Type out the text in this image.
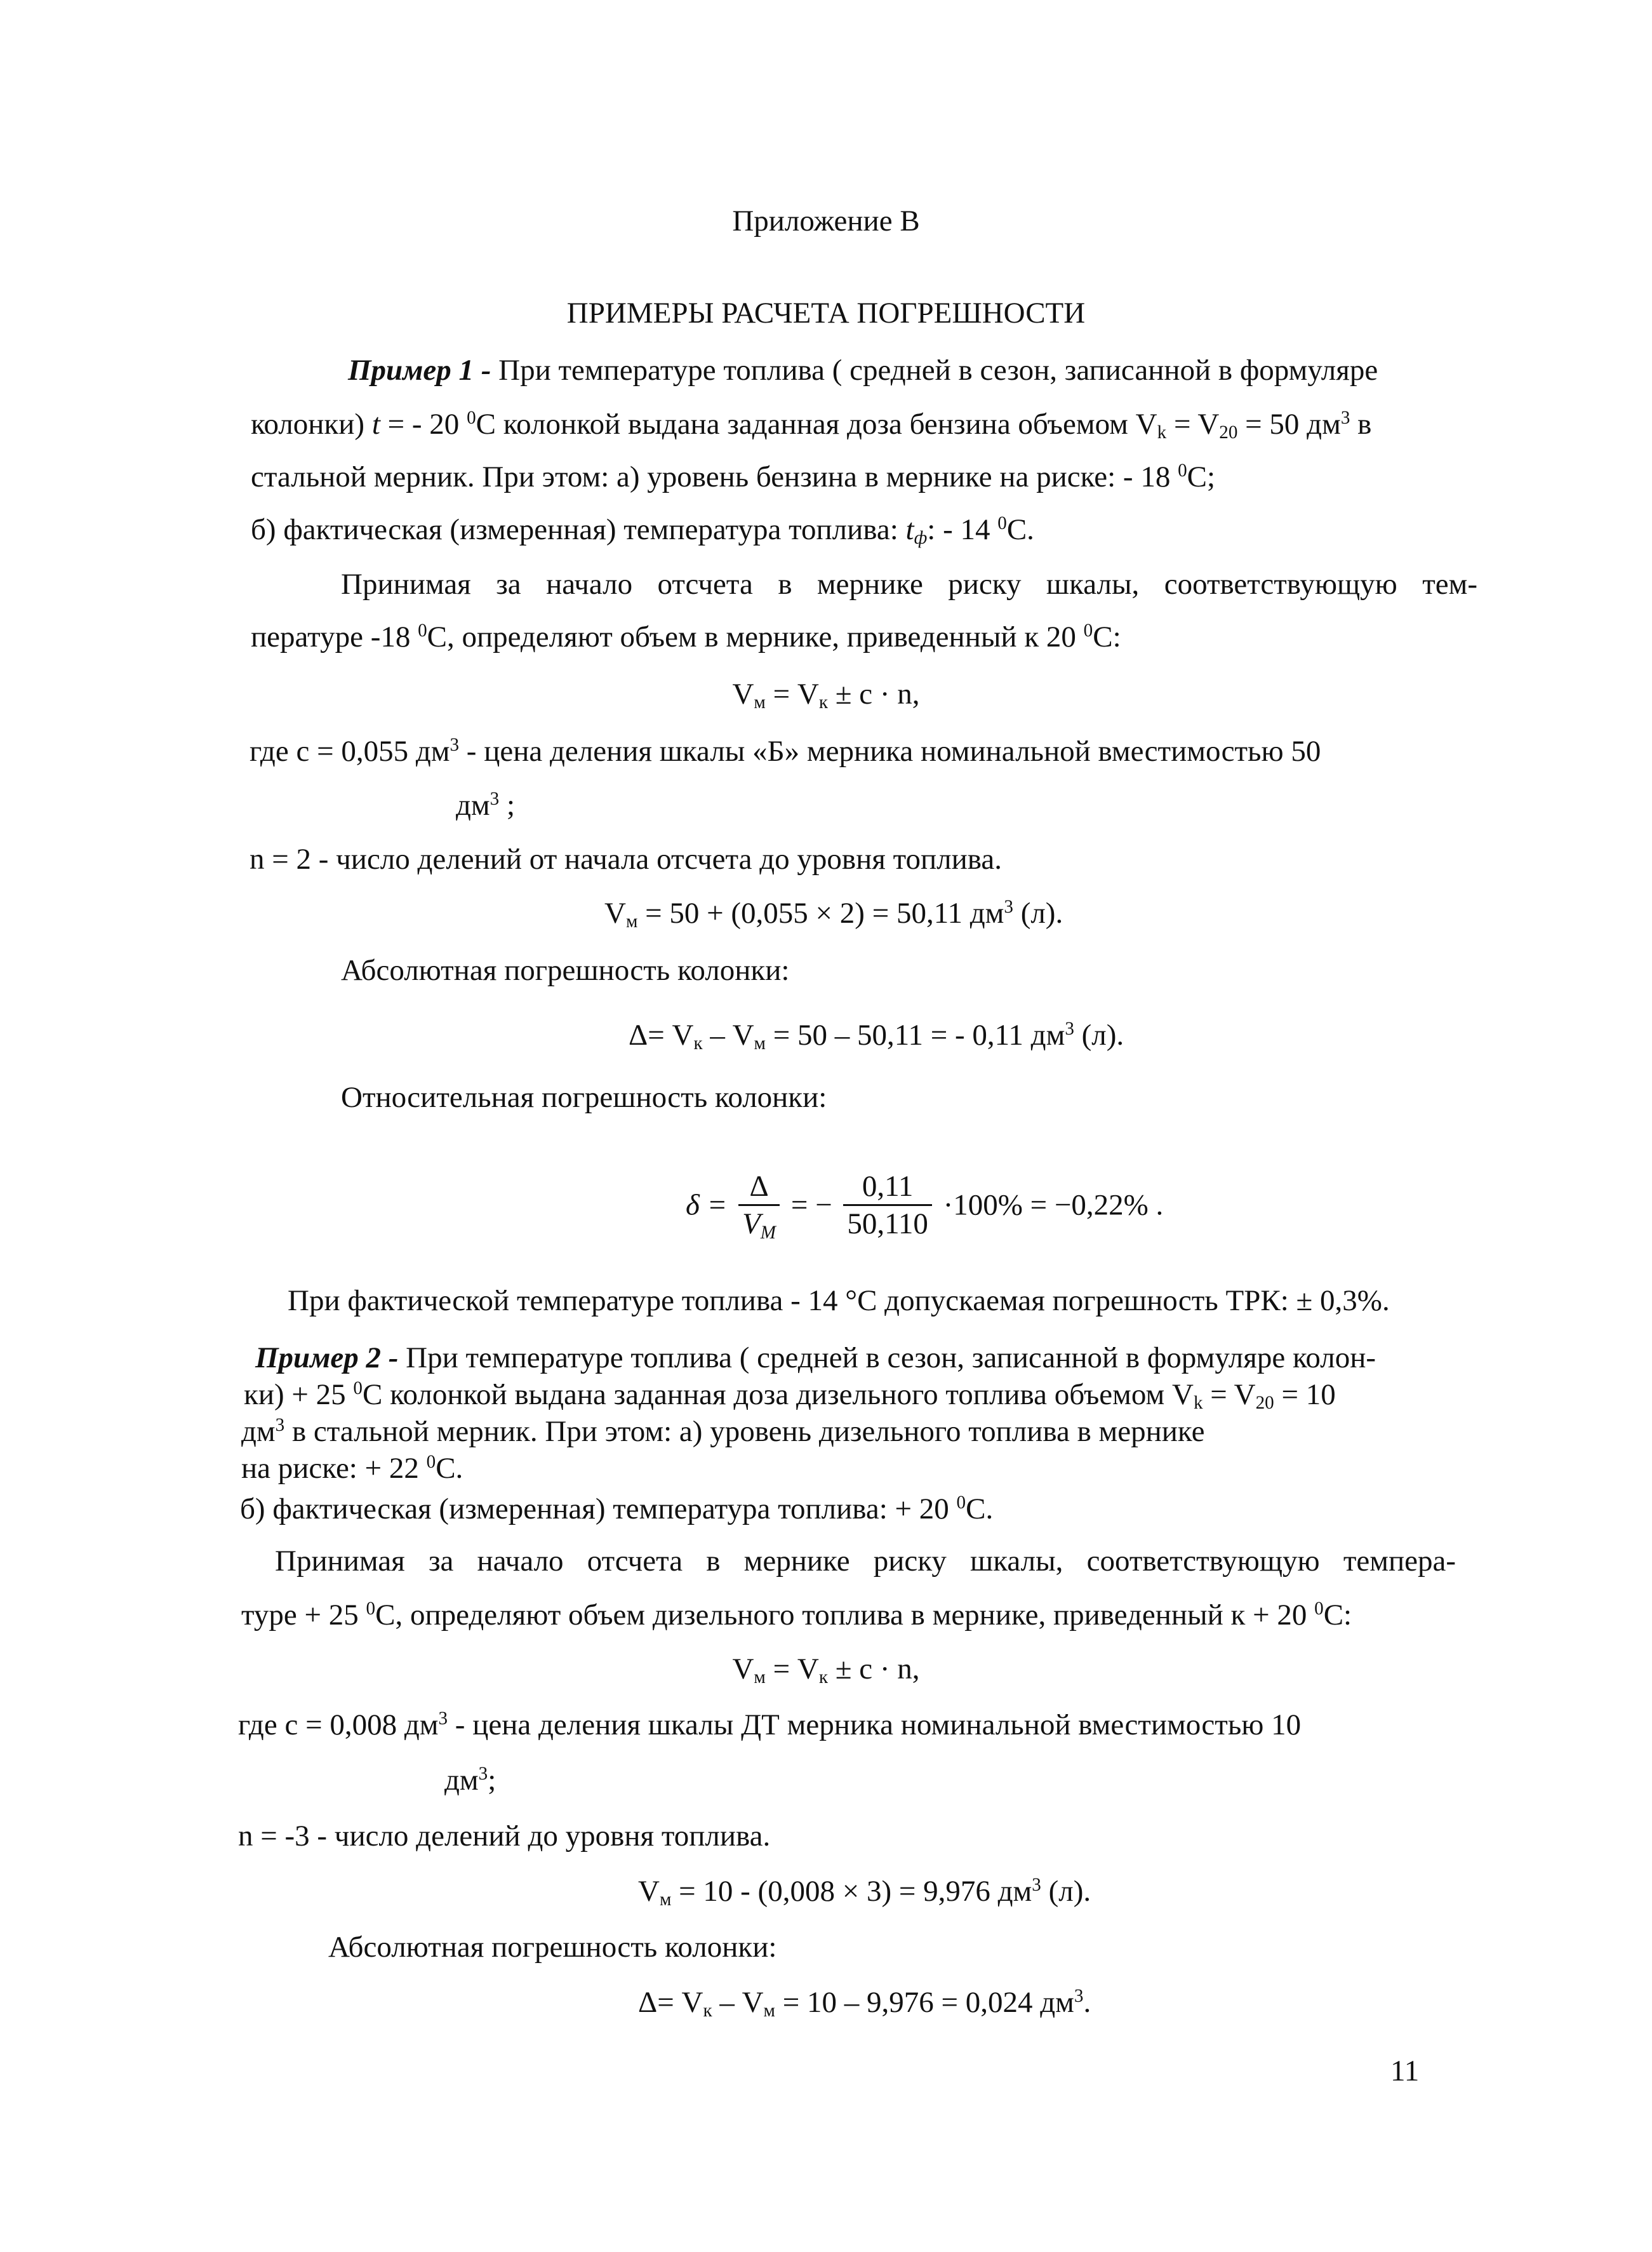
Приложение В
ПРИМЕРЫ РАСЧЕТА ПОГРЕШНОСТИ
Пример 1 - При температуре топлива ( средней в сезон, записанной в формуляре
колонки) t = - 20 $^0$С колонкой выдана заданная доза бензина объемом $V_k = V_{20} = 50$ $дм^3$ в
стальной мерник. При этом: а) уровень бензина в мернике на риске: - 18 $^0$С;
б) фактическая (измеренная) температура топлива: $t_ф$: - 14 $^0$С.
Принимая за начало отсчета в мернике риску шкалы, соответствующую тем-
пературе -18 $^0$С, определяют объем в мернике, приведенный к 20 $^0$С:
$V_м = V_к \pm с \cdot n$,
где с = 0,055 $дм^3$ - цена деления шкалы «Б» мерника номинальной вместимостью 50
$дм^3$ ;
n = 2 - число делений от начала отсчета до уровня топлива.
$V_м = 50 + (0,055 \times 2) = 50,11$ $дм^3$ (л).
Абсолютная погрешность колонки:
$\Delta= V_к - V_м = 50 - 50,11$ = - 0,11 $дм^3$ (л).
Относительная погрешность колонки:
$\delta = \frac{\Delta}{V_M}$ = − $\frac{0,11}{50,110} \cdot 100\% = -0,22\%$ .
При фактической температуре топлива - 14 °С допускаемая погрешность ТРК: ± 0,3%.
Пример 2 - При температуре топлива ( средней в сезон, записанной в формуляре колон-
ки) + 25 $^0$С колонкой выдана заданная доза дизельного топлива объемом $V_k = V_{20} = 10$
$дм^3$ в стальной мерник. При этом: а) уровень дизельного топлива в мернике
на риске: + 22 $^0$С.
б) фактическая (измеренная) температура топлива: + 20 $^0$С.
Принимая за начало отсчета в мернике риску шкалы, соответствующую темпера-
туре + 25 $^0$С, определяют объем дизельного топлива в мернике, приведенный к + 20 $^0$С:
$V_м = V_к \pm с \cdot n$,
где с = 0,008 $дм^3$ - цена деления шкалы ДТ мерника номинальной вместимостью 10
$дм^3$;
n = -3 - число делений до уровня топлива.
$V_м = 10 - (0,008 \times 3) = 9,976$ $дм^3$ (л).
Абсолютная погрешность колонки:
$\Delta= V_к - V_м = 10 - 9,976 = 0,024$ $дм^3$.
11
